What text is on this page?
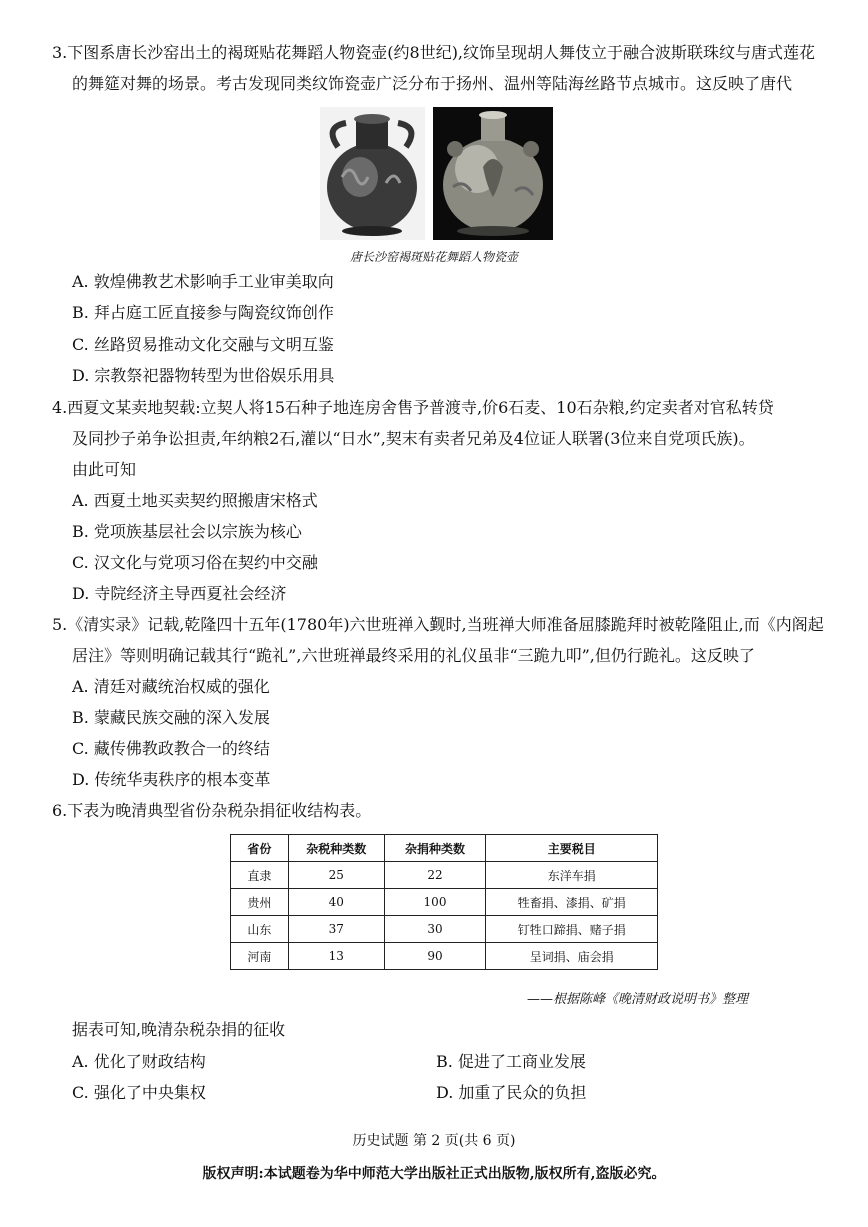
3.下图系唐长沙窑出土的褐斑贴花舞蹈人物瓷壶(约8世纪),纹饰呈现胡人舞伎立于融合波斯联珠纹与唐式莲花
的舞筵对舞的场景。考古发现同类纹饰瓷壶广泛分布于扬州、温州等陆海丝路节点城市。这反映了唐代
唐长沙窑褐斑贴花舞蹈人物瓷壶
A. 敦煌佛教艺术影响手工业审美取向
B. 拜占庭工匠直接参与陶瓷纹饰创作
C. 丝路贸易推动文化交融与文明互鉴
D. 宗教祭祀器物转型为世俗娱乐用具
4.西夏文某卖地契载:立契人将15石种子地连房舍售予普渡寺,价6石麦、10石杂粮,约定卖者对官私转贷
及同抄子弟争讼担责,年纳粮2石,灌以“日水”,契末有卖者兄弟及4位证人联署(3位来自党项氏族)。
由此可知
A. 西夏土地买卖契约照搬唐宋格式
B. 党项族基层社会以宗族为核心
C. 汉文化与党项习俗在契约中交融
D. 寺院经济主导西夏社会经济
5.《清实录》记载,乾隆四十五年(1780年)六世班禅入觐时,当班禅大师准备屈膝跪拜时被乾隆阻止,而《内阁起
居注》等则明确记载其行“跪礼”,六世班禅最终采用的礼仪虽非“三跪九叩”,但仍行跪礼。这反映了
A. 清廷对藏统治权威的强化
B. 蒙藏民族交融的深入发展
C. 藏传佛教政教合一的终结
D. 传统华夷秩序的根本变革
6.下表为晚清典型省份杂税杂捐征收结构表。
省份	杂税种类数	杂捐种类数	主要税目
直隶	25	22	东洋车捐
贵州	40	100	牲畜捐、漆捐、矿捐
山东	37	30	钉牲口蹄捐、赌子捐
河南	13	90	呈词捐、庙会捐
——根据陈峰《晚清财政说明书》整理
据表可知,晚清杂税杂捐的征收
A. 优化了财政结构	B. 促进了工商业发展
C. 强化了中央集权	D. 加重了民众的负担
历史试题 第 2 页(共 6 页)
版权声明:本试题卷为华中师范大学出版社正式出版物,版权所有,盗版必究。
